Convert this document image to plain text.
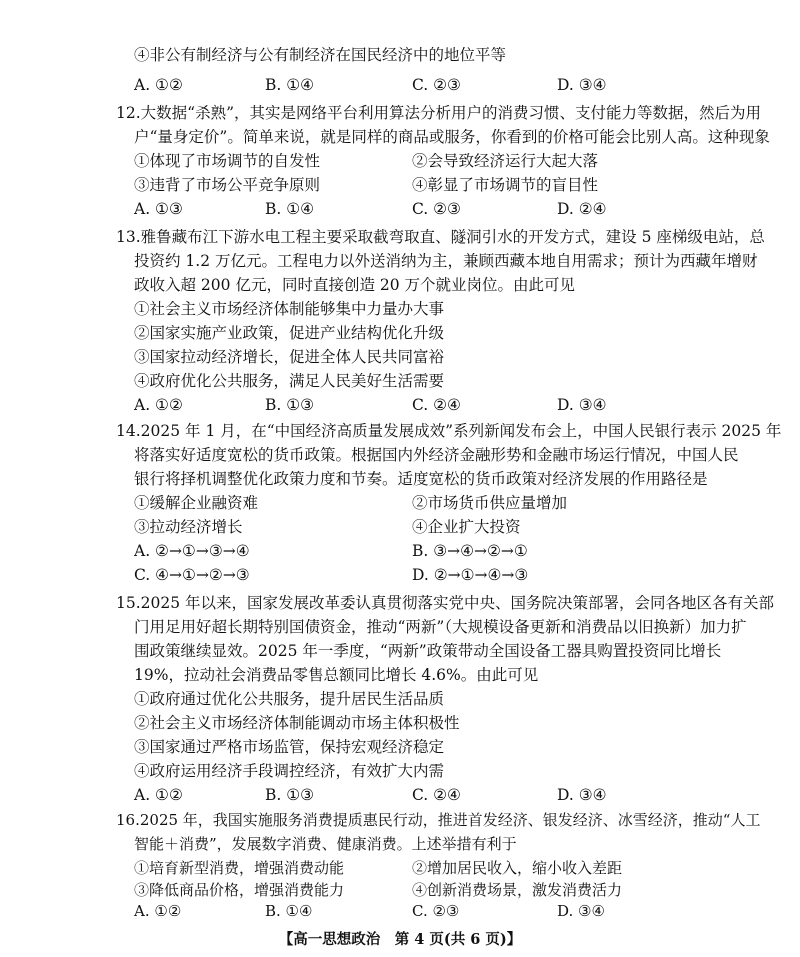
④非公有制经济与公有制经济在国民经济中的地位平等
A. ①②	B. ①④	C. ②③	D. ③④
12.大数据“杀熟”，其实是网络平台利用算法分析用户的消费习惯、支付能力等数据，然后为用
户“量身定价”。简单来说，就是同样的商品或服务，你看到的价格可能会比别人高。这种现象
①体现了市场调节的自发性	②会导致经济运行大起大落
③违背了市场公平竞争原则	④彰显了市场调节的盲目性
A. ①③	B. ①④	C. ②③	D. ②④
13.雅鲁藏布江下游水电工程主要采取截弯取直、隧洞引水的开发方式，建设 5 座梯级电站，总
投资约 1.2 万亿元。工程电力以外送消纳为主，兼顾西藏本地自用需求；预计为西藏年增财
政收入超 200 亿元，同时直接创造 20 万个就业岗位。由此可见
①社会主义市场经济体制能够集中力量办大事
②国家实施产业政策，促进产业结构优化升级
③国家拉动经济增长，促进全体人民共同富裕
④政府优化公共服务，满足人民美好生活需要
A. ①②	B. ①③	C. ②④	D. ③④
14.2025 年 1 月，在“中国经济高质量发展成效”系列新闻发布会上，中国人民银行表示 2025 年
将落实好适度宽松的货币政策。根据国内外经济金融形势和金融市场运行情况，中国人民
银行将择机调整优化政策力度和节奏。适度宽松的货币政策对经济发展的作用路径是
①缓解企业融资难	②市场货币供应量增加
③拉动经济增长	④企业扩大投资
A. ②→①→③→④	B. ③→④→②→①
C. ④→①→②→③	D. ②→①→④→③
15.2025 年以来，国家发展改革委认真贯彻落实党中央、国务院决策部署，会同各地区各有关部
门用足用好超长期特别国债资金，推动“两新”（大规模设备更新和消费品以旧换新）加力扩
围政策继续显效。2025 年一季度，“两新”政策带动全国设备工器具购置投资同比增长
19%，拉动社会消费品零售总额同比增长 4.6%。由此可见
①政府通过优化公共服务，提升居民生活品质
②社会主义市场经济体制能调动市场主体积极性
③国家通过严格市场监管，保持宏观经济稳定
④政府运用经济手段调控经济，有效扩大内需
A. ①②	B. ①③	C. ②④	D. ③④
【高一思想政治　第 4 页(共 6 页)】
16.2025 年，我国实施服务消费提质惠民行动，推进首发经济、银发经济、冰雪经济，推动“人工
智能＋消费”，发展数字消费、健康消费。上述举措有利于
①培育新型消费，增强消费动能	②增加居民收入，缩小收入差距
③降低商品价格，增强消费能力	④创新消费场景，激发消费活力
A. ①②	B. ①④	C. ②③	D. ③④
